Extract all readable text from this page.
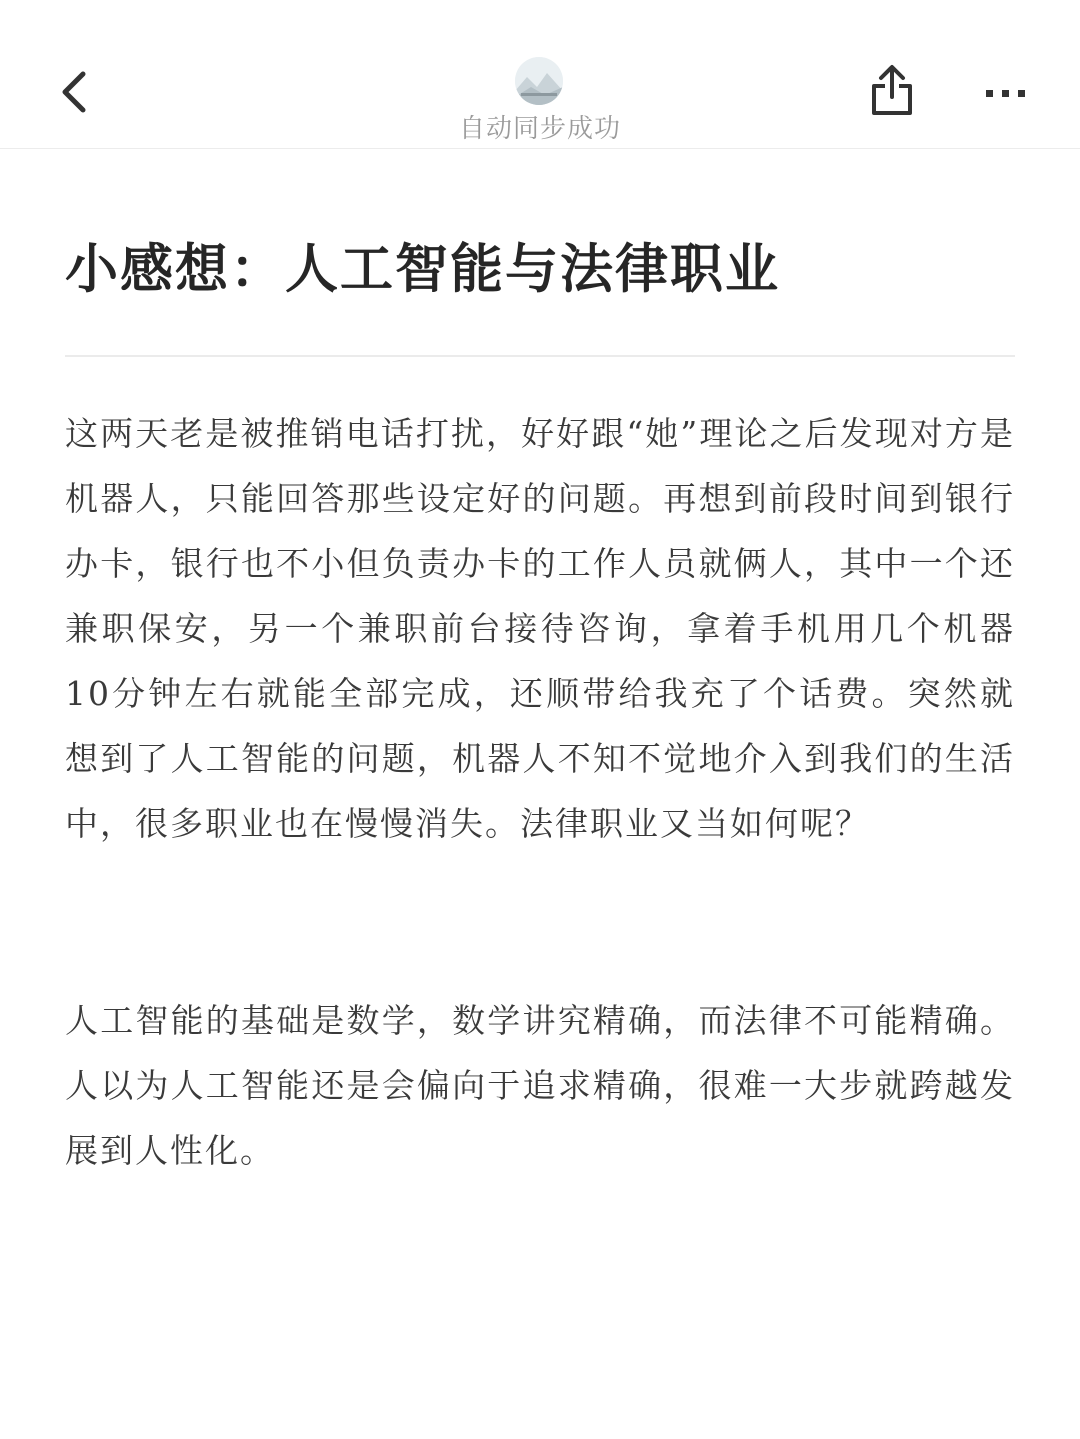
自动同步成功
小感想：人工智能与法律职业

这两天老是被推销电话打扰，好好跟“她”理论之后发现对方是机器人，只能回答那些设定好的问题。再想到前段时间到银行办卡，银行也不小但负责办卡的工作人员就俩人，其中一个还兼职保安，另一个兼职前台接待咨询，拿着手机用几个机器10分钟左右就能全部完成，还顺带给我充了个话费。突然就想到了人工智能的问题，机器人不知不觉地介入到我们的生活中，很多职业也在慢慢消失。法律职业又当如何呢？

人工智能的基础是数学，数学讲究精确，而法律不可能精确。人以为人工智能还是会偏向于追求精确，很难一大步就跨越发展到人性化。
